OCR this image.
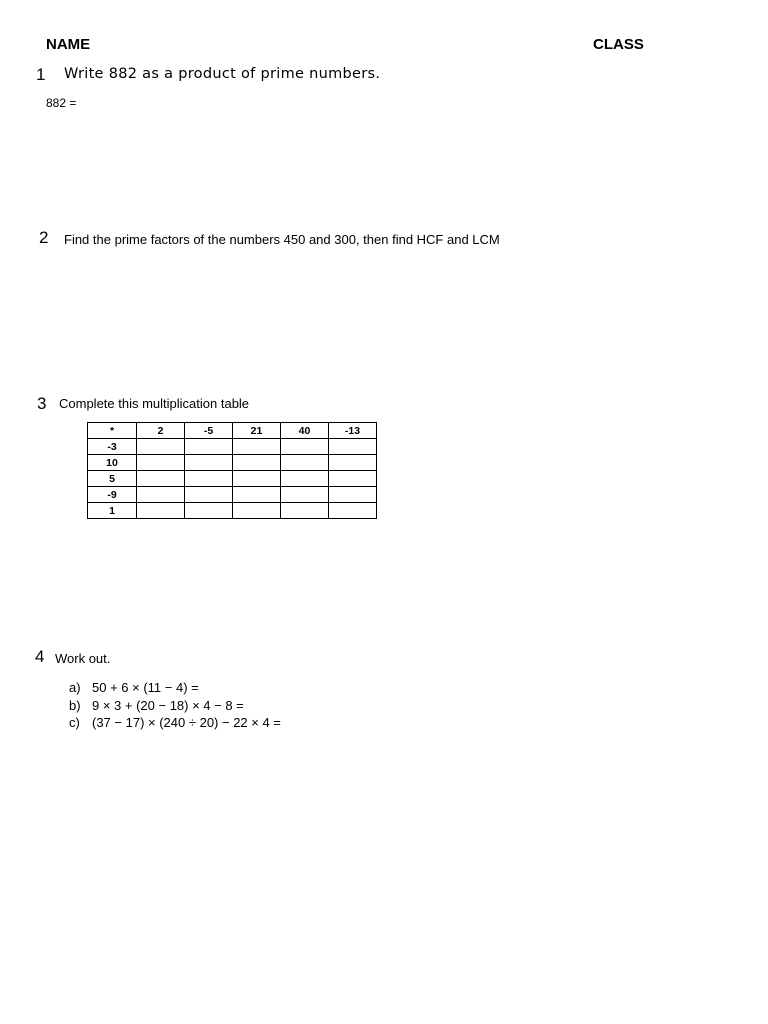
NAME	CLASS
1 Write 882 as a product of prime numbers.
882 =
2 Find the prime factors of the numbers 450 and 300, then find HCF and LCM
3 Complete this multiplication table
*	2	-5	21	40	-13
-3					
10					
5					
-9					
1					
4 Work out.
a) 50 + 6 × (11 − 4) =
b) 9 × 3 + (20 − 18) × 4 − 8 =
c) (37 − 17) × (240 ÷ 20) − 22 × 4 =
